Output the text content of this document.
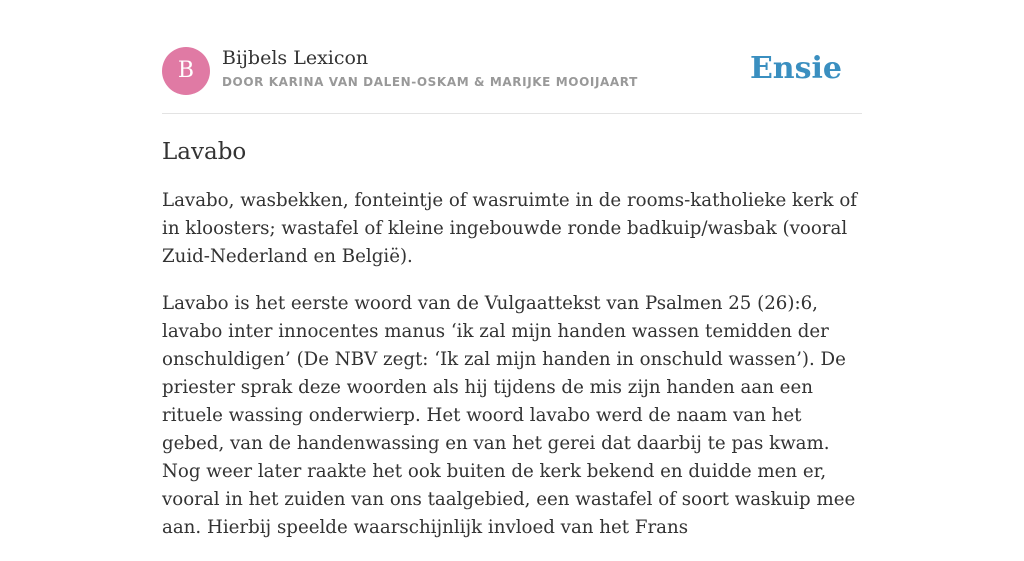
B	Bijbels Lexicon
DOOR KARINA VAN DALEN-OSKAM & MARIJKE MOOIJAART	Ensie
Lavabo

Lavabo, wasbekken, fonteintje of wasruimte in de rooms-katholieke kerk of in kloosters; wastafel of kleine ingebouwde ronde badkuip/wasbak (vooral Zuid-Nederland en België).

Lavabo is het eerste woord van de Vulgaattekst van Psalmen 25 (26):6, lavabo inter innocentes manus ‘ik zal mijn handen wassen temidden der onschuldigen’ (De NBV zegt: ‘Ik zal mijn handen in onschuld wassen’). De priester sprak deze woorden als hij tijdens de mis zijn handen aan een rituele wassing onderwierp. Het woord lavabo werd de naam van het gebed, van de handenwassing en van het gerei dat daarbij te pas kwam. Nog weer later raakte het ook buiten de kerk bekend en duidde men er, vooral in het zuiden van ons taalgebied, een wastafel of soort waskuip mee aan. Hierbij speelde waarschijnlijk invloed van het Frans
